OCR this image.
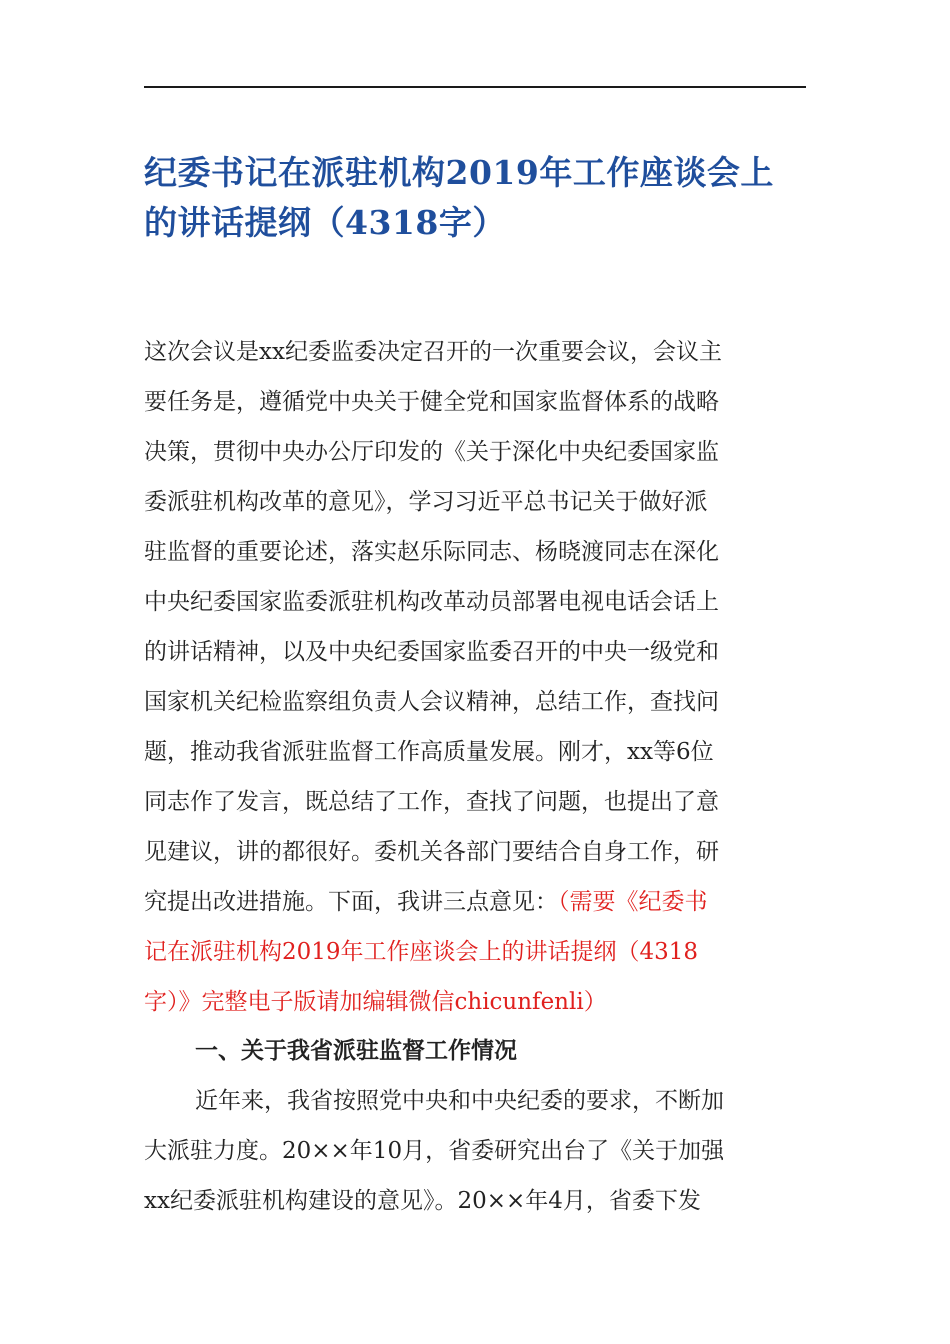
纪委书记在派驻机构2019年工作座谈会上
的讲话提纲（4318字）
这次会议是xx纪委监委决定召开的一次重要会议，会议主
要任务是，遵循党中央关于健全党和国家监督体系的战略
决策，贯彻中央办公厅印发的《关于深化中央纪委国家监
委派驻机构改革的意见》，学习习近平总书记关于做好派
驻监督的重要论述，落实赵乐际同志、杨晓渡同志在深化
中央纪委国家监委派驻机构改革动员部署电视电话会话上
的讲话精神，以及中央纪委国家监委召开的中央一级党和
国家机关纪检监察组负责人会议精神，总结工作，查找问
题，推动我省派驻监督工作高质量发展。刚才，xx等6位
同志作了发言，既总结了工作，查找了问题，也提出了意
见建议，讲的都很好。委机关各部门要结合自身工作，研
究提出改进措施。下面，我讲三点意见：（需要《纪委书
记在派驻机构2019年工作座谈会上的讲话提纲（4318
字）》完整电子版请加编辑微信chicunfenli）
一、关于我省派驻监督工作情况
近年来，我省按照党中央和中央纪委的要求，不断加
大派驻力度。20××年10月，省委研究出台了《关于加强
xx纪委派驻机构建设的意见》。20××年4月，省委下发
